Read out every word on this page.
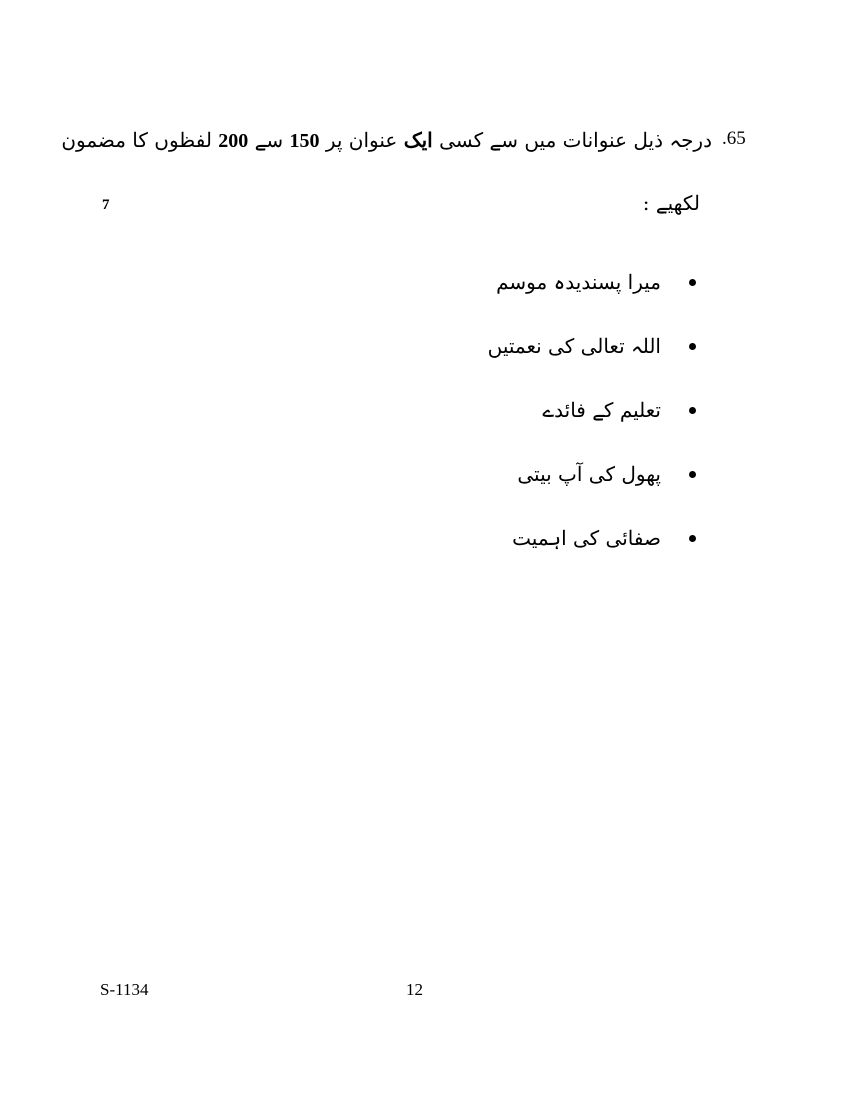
.65
درجہ ذیل عنوانات میں سے کسی ایک عنوان پر 150 سے 200 لفظوں کا مضمون
لکھیے :
7
میرا پسندیدہ موسم
اللہ تعالی کی نعمتیں
تعلیم کے فائدے
پھول کی آپ بیتی
صفائی کی اہمیت
S-1134	12
